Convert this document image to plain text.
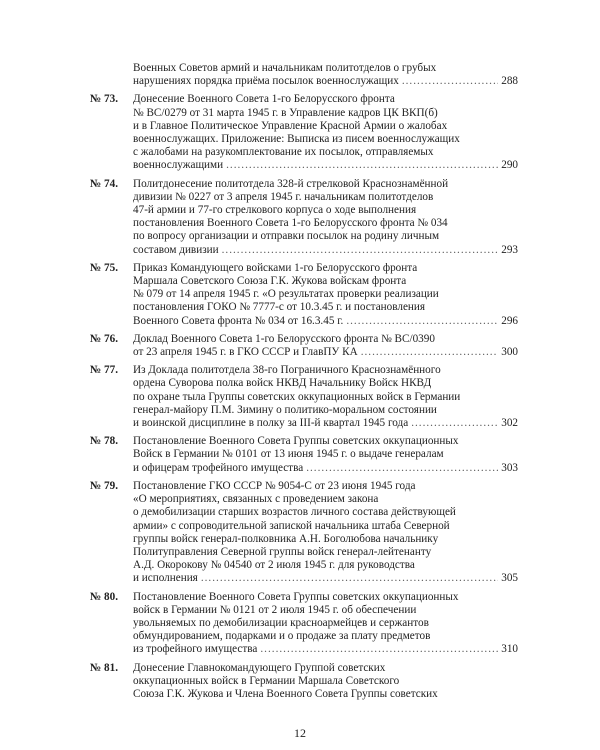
Военных Советов армий и начальникам политотделов о грубых
нарушениях порядка приёма посылок военнослужащих .....	288
№ 73. Донесение Военного Совета 1-го Белорусского фронта
№ ВС/0279 от 31 марта 1945 г. в Управление кадров ЦК ВКП(б)
и в Главное Политическое Управление Красной Армии о жалобах
военнослужащих. Приложение: Выписка из писем военнослужащих
с жалобами на разукомплектование их посылок, отправляемых
военнослужащими .....	290
№ 74. Политдонесение политотдела 328-й стрелковой Краснознамённой
дивизии № 0227 от 3 апреля 1945 г. начальникам политотделов
47-й армии и 77-го стрелкового корпуса о ходе выполнения
постановления Военного Совета 1-го Белорусского фронта № 034
по вопросу организации и отправки посылок на родину личным
составом дивизии .....	293
№ 75. Приказ Командующего войсками 1-го Белорусского фронта
Маршала Советского Союза Г.К. Жукова войскам фронта
№ 079 от 14 апреля 1945 г. «О результатах проверки реализации
постановления ГОКО № 7777-с от 10.3.45 г. и постановления
Военного Совета фронта № 034 от 16.3.45 г. .....	296
№ 76. Доклад Военного Совета 1-го Белорусского фронта № ВС/0390
от 23 апреля 1945 г. в ГКО СССР и ГлавПУ КА .....	300
№ 77. Из Доклада политотдела 38-го Пограничного Краснознамённого
ордена Суворова полка войск НКВД Начальнику Войск НКВД
по охране тыла Группы советских оккупационных войск в Германии
генерал-майору П.М. Зимину о политико-моральном состоянии
и воинской дисциплине в полку за III-й квартал 1945 года .....	302
№ 78. Постановление Военного Совета Группы советских оккупационных
Войск в Германии № 0101 от 13 июня 1945 г. о выдаче генералам
и офицерам трофейного имущества .....	303
№ 79. Постановление ГКО СССР № 9054-С от 23 июня 1945 года
«О мероприятиях, связанных с проведением закона
о демобилизации старших возрастов личного состава действующей
армии» с сопроводительной запиской начальника штаба Северной
группы войск генерал-полковника А.Н. Боголюбова начальнику
Политуправления Северной группы войск генерал-лейтенанту
А.Д. Окорокову № 04540 от 2 июля 1945 г. для руководства
и исполнения .....	305
№ 80. Постановление Военного Совета Группы советских оккупационных
войск в Германии № 0121 от 2 июля 1945 г. об обеспечении
увольняемых по демобилизации красноармейцев и сержантов
обмундированием, подарками и о продаже за плату предметов
из трофейного имущества .....	310
№ 81. Донесение Главнокомандующего Группой советских
оккупационных войск в Германии Маршала Советского
Союза Г.К. Жукова и Члена Военного Совета Группы советских
12
